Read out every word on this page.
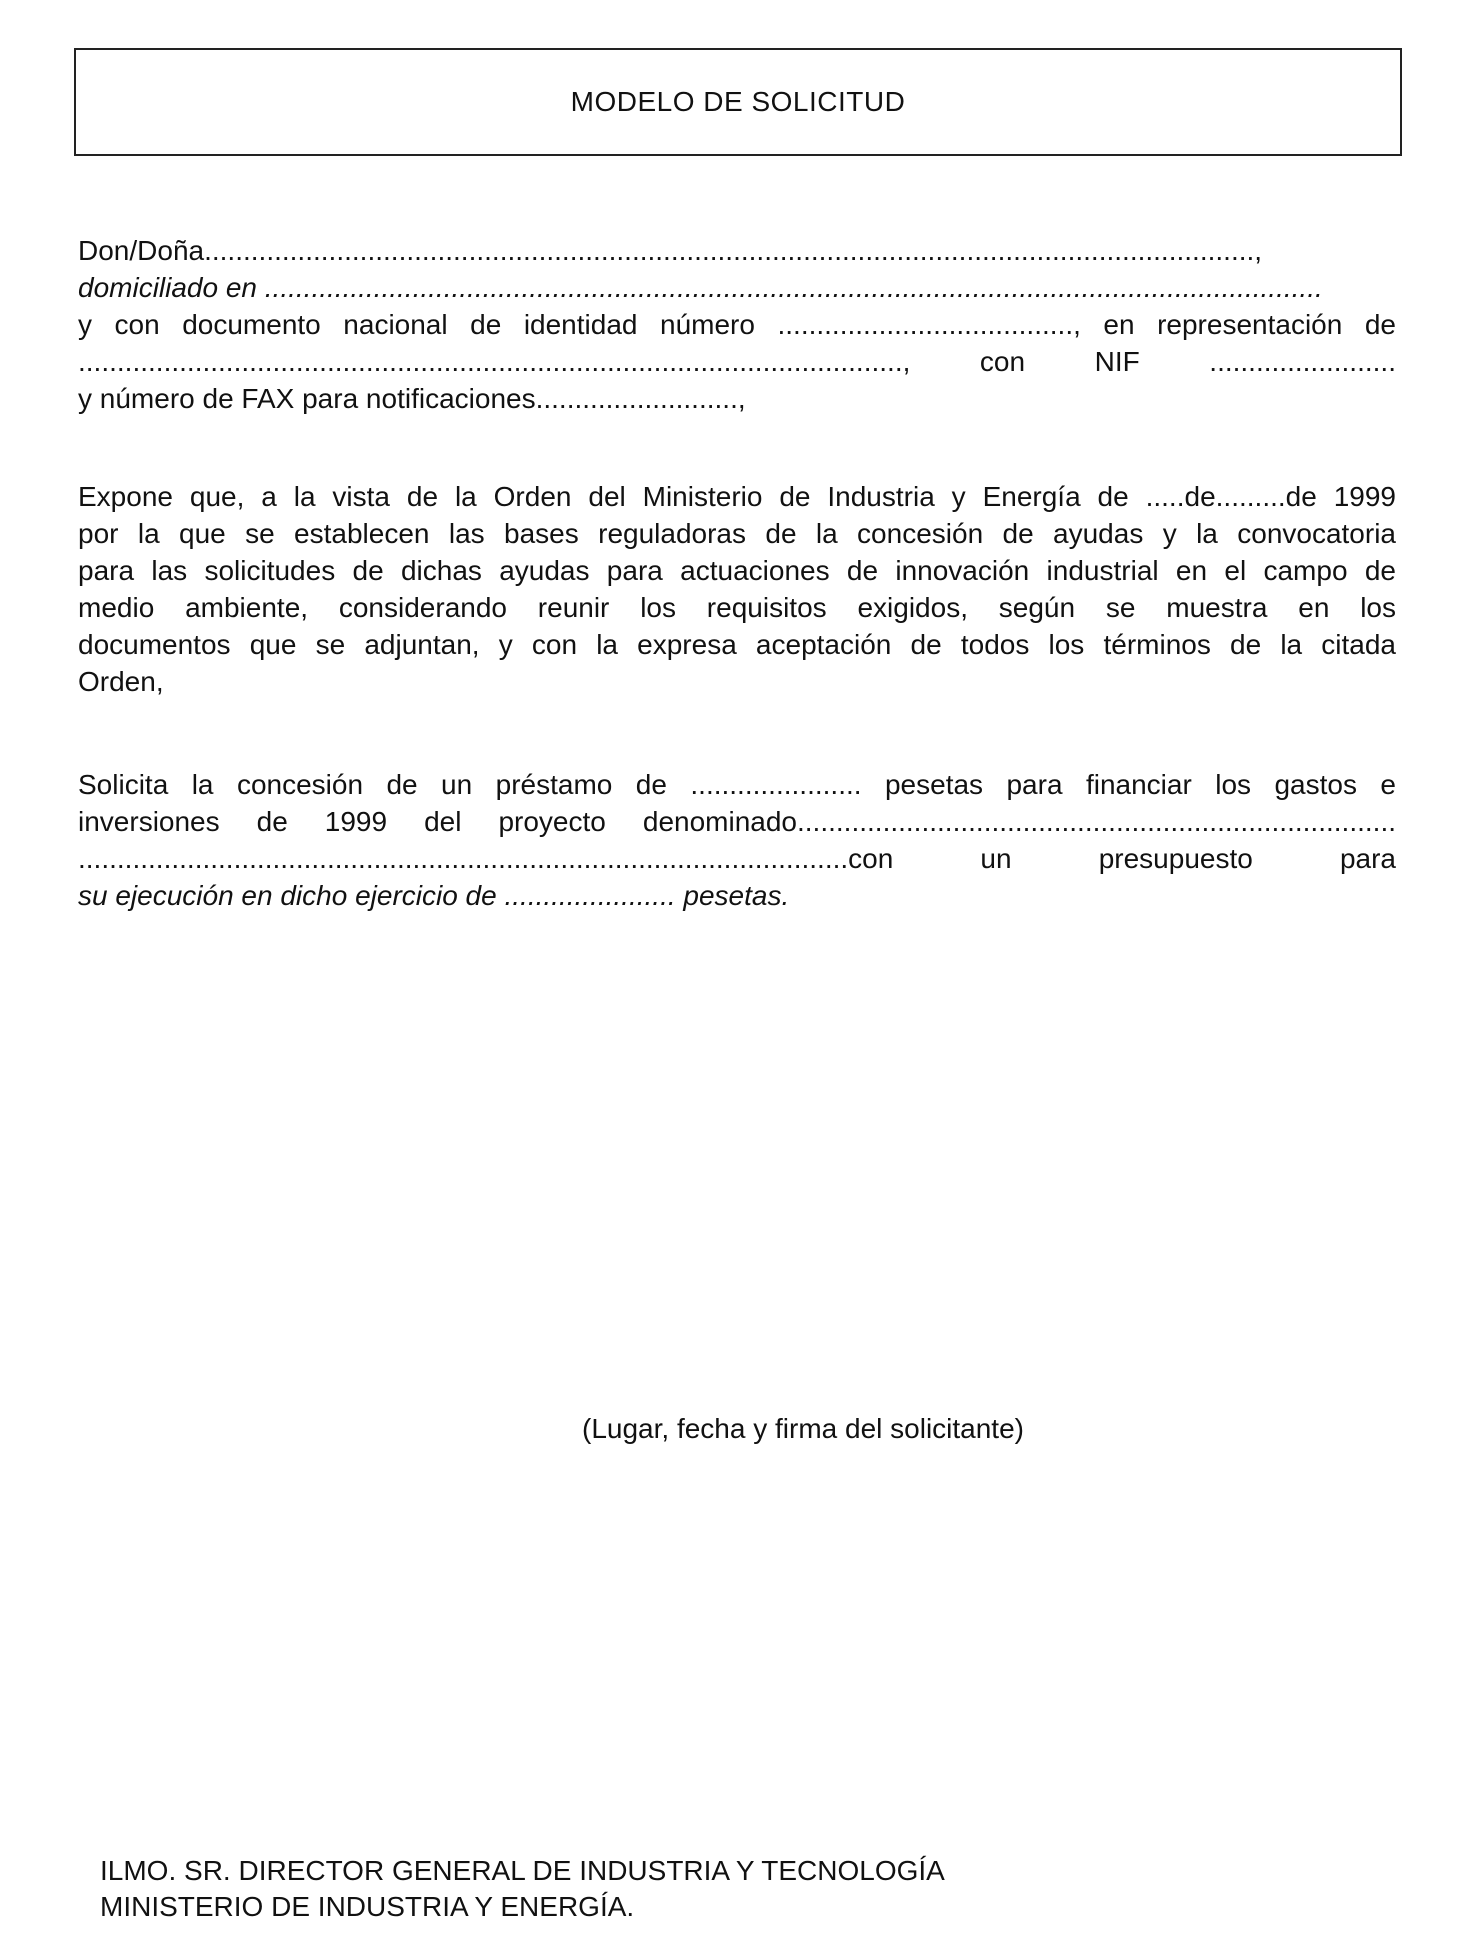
MODELO DE SOLICITUD
Don/Doña.......................................................................................................................................,
domiciliado en ........................................................................................................................................
y con documento nacional de identidad número ......................................, en representación de
.........................................................................................................., con NIF ........................
y número de FAX para notificaciones..........................,
Expone que, a la vista de la Orden del Ministerio de Industria y Energía de .....de.........de 1999
por la que se establecen las bases reguladoras de la concesión de ayudas y la convocatoria
para las solicitudes de dichas ayudas para actuaciones de innovación industrial en el campo de
medio ambiente, considerando reunir los requisitos exigidos, según se muestra en los
documentos que se adjuntan, y con la expresa aceptación de todos los términos de la citada
Orden,
Solicita la concesión de un préstamo de ...................... pesetas para financiar los gastos e
inversiones de 1999 del proyecto denominado.............................................................................
...................................................................................................con un presupuesto para
su ejecución en dicho ejercicio de ...................... pesetas.
(Lugar, fecha y firma del solicitante)
ILMO. SR. DIRECTOR GENERAL DE INDUSTRIA Y TECNOLOGÍA
MINISTERIO DE INDUSTRIA Y ENERGÍA.
